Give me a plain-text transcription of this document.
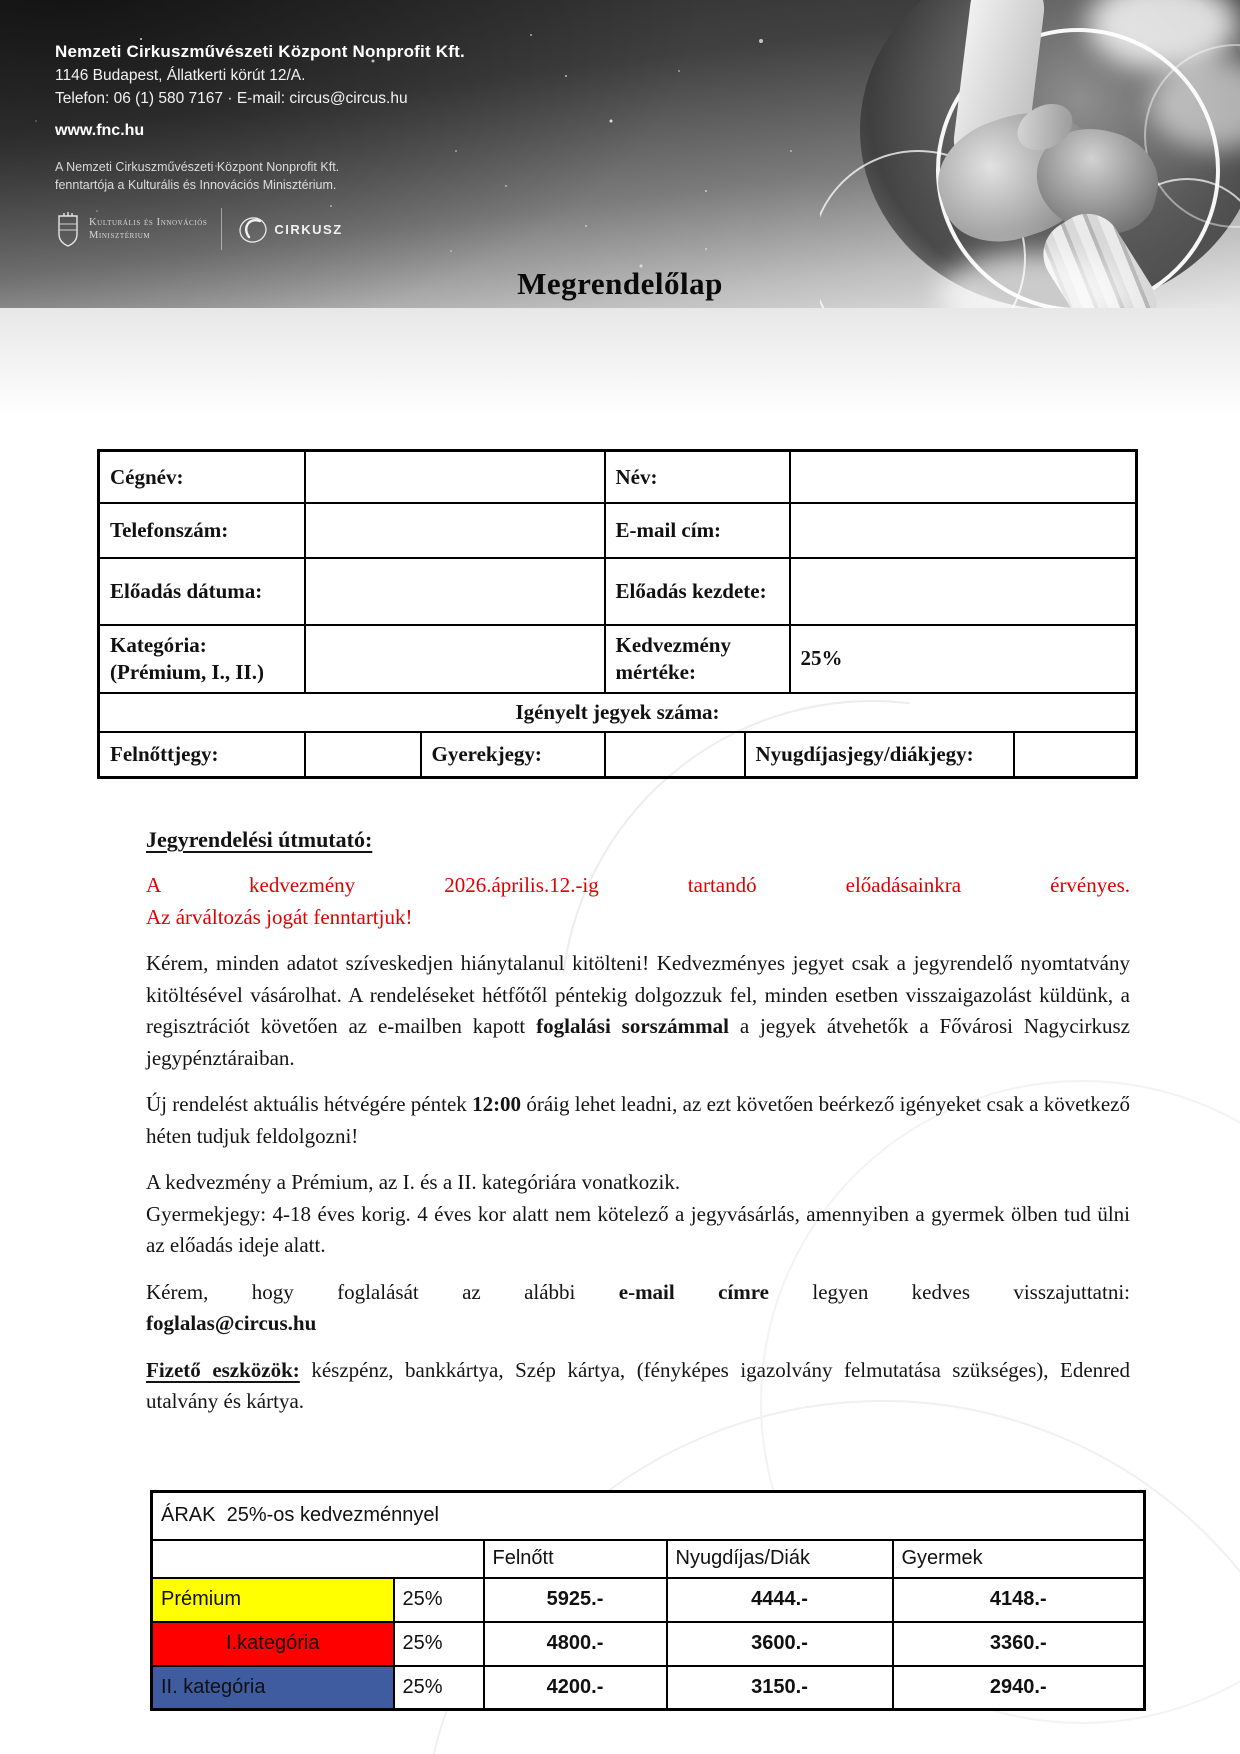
Nemzeti Cirkuszművészeti Központ Nonprofit Kft.
1146 Budapest, Állatkerti körút 12/A.
Telefon: 06 (1) 580 7167 · E-mail: circus@circus.hu
www.fnc.hu
A Nemzeti Cirkuszművészeti Központ Nonprofit Kft.
fenntartója a Kulturális és Innovációs Minisztérium.
Kulturális és Innovációs
Minisztérium	CIRKUSZ
Megrendelőlap
Cégnév:			Név:			
Telefonszám:			E-mail cím:			
Előadás dátuma:			Előadás kezdete:			
Kategória:
(Prémium, I., II.)			Kedvezmény mértéke:		25%	
Igényelt jegyek száma:						
Felnőttjegy:		Gyerekjegy:		Nyugdíjasjegy/diákjegy:		
Jegyrendelési útmutató:

A kedvezmény 2026.április.12.-ig tartandó előadásainkra érvényes.
Az árváltozás jogát fenntartjuk!

Kérem, minden adatot szíveskedjen hiánytalanul kitölteni! Kedvezményes jegyet csak a jegyrendelő nyomtatvány kitöltésével vásárolhat. A rendeléseket hétfőtől péntekig dolgozzuk fel, minden esetben visszaigazolást küldünk, a regisztrációt követően az e-mailben kapott foglalási sorszámmal a jegyek átvehetők a Fővárosi Nagycirkusz jegypénztáraiban.

Új rendelést aktuális hétvégére péntek 12:00 óráig lehet leadni, az ezt követően beérkező igényeket csak a következő héten tudjuk feldolgozni!

A kedvezmény a Prémium, az I. és a II. kategóriára vonatkozik.
Gyermekjegy: 4-18 éves korig. 4 éves kor alatt nem kötelező a jegyvásárlás, amennyiben a gyermek ölben tud ülni az előadás ideje alatt.

Kérem, hogy foglalását az alábbi e-mail címre legyen kedves visszajuttatni:
foglalas@circus.hu

Fizető eszközök: készpénz, bankkártya, Szép kártya, (fényképes igazolvány felmutatása szükséges), Edenred utalvány és kártya.

ÁRAK  25%-os kedvezménnyel				
		Felnőtt	Nyugdíjas/Diák	Gyermek
Prémium	25%	5925.-	4444.-	4148.-
I.kategória	25%	4800.-	3600.-	3360.-
II. kategória	25%	4200.-	3150.-	2940.-
